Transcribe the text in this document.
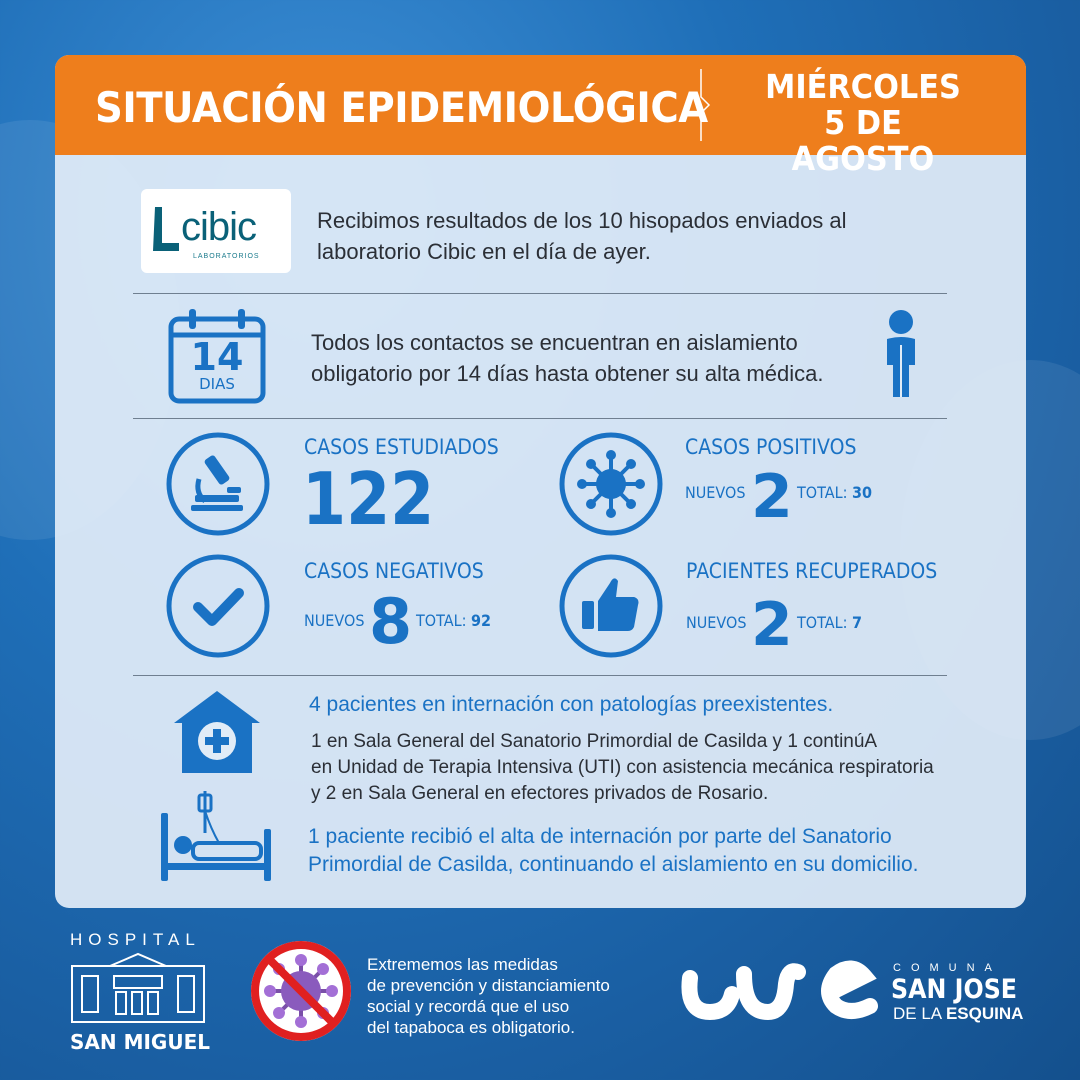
SITUACIÓN EPIDEMIOLÓGICA	MIÉRCOLES
5 DE AGOSTO
cibic
LABORATORIOS
Recibimos resultados de los 10 hisopados enviados al
laboratorio Cibic en el día de ayer.
14
DIAS
Todos los contactos se encuentran en aislamiento
obligatorio por 14 días hasta obtener su alta médica.
CASOS ESTUDIADOS
122
CASOS POSITIVOS
NUEVOS 2 TOTAL: 30
CASOS NEGATIVOS
NUEVOS 8 TOTAL: 92
PACIENTES RECUPERADOS
NUEVOS 2 TOTAL: 7
4 pacientes en internación con patologías preexistentes.
1 en Sala General del Sanatorio Primordial de Casilda y 1 continúA
en Unidad de Terapia Intensiva (UTI) con asistencia mecánica respiratoria
y 2 en Sala General en efectores privados de Rosario.
1 paciente recibió el alta de internación por parte del Sanatorio
Primordial de Casilda, continuando el aislamiento en su domicilio.
HOSPITAL
SAN MIGUEL
Extrememos las medidas
de prevención y distanciamiento
social y recordá que el uso
del tapaboca es obligatorio.
COMUNA
SAN JOSE
DE LA ESQUINA
